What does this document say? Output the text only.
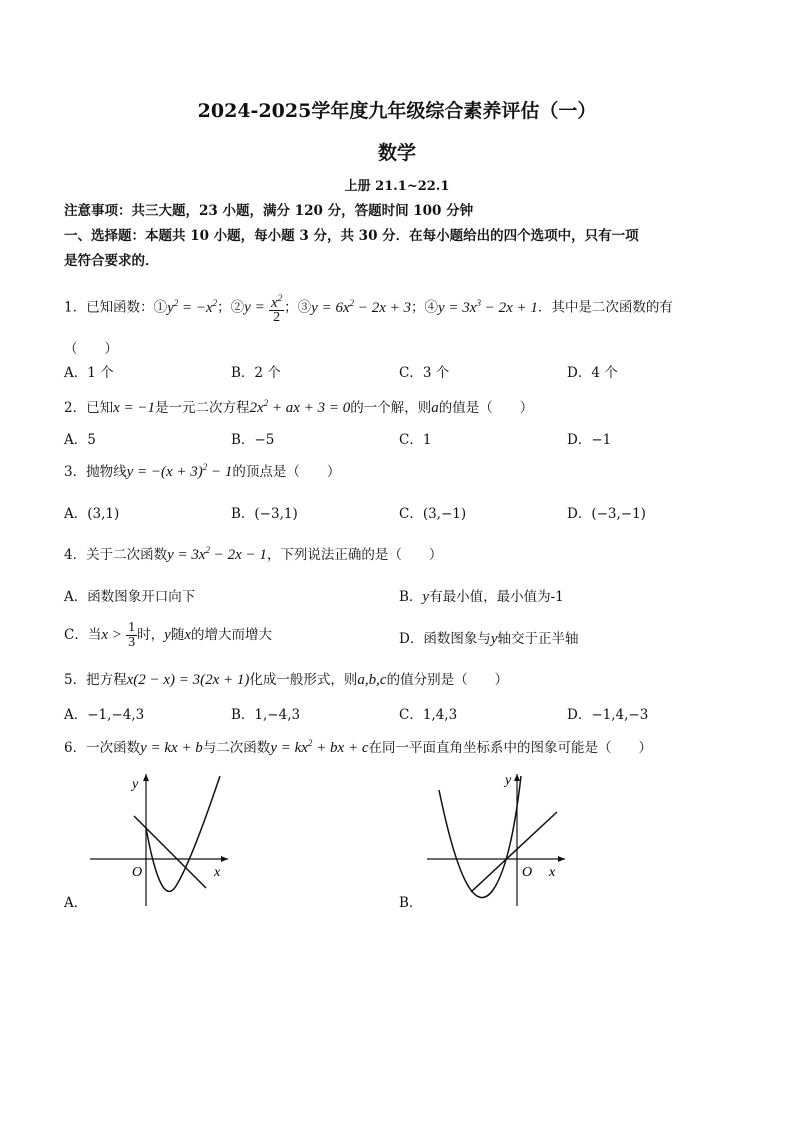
2024-2025学年度九年级综合素养评估（一）
数学
上册 21.1~22.1
注意事项：共三大题，23 小题，满分 120 分，答题时间 100 分钟
一、选择题：本题共 10 小题，每小题 3 分，共 30 分．在每小题给出的四个选项中，只有一项
是符合要求的．
1．已知函数：$①y^2 = -x^2$；②y = $\frac{x^2}{2}$ ；③y = $6x^2 - 2x + 3$；④y = $3x^3 - 2x + 1$．其中是二次函数的有
（　　）
A．1 个	B．2 个	C．3 个	D．4 个
2．已知x = −1是一元二次方程$2x^2$ + ax + 3 = 0的一个解，则a的值是（　　）
A．5	B．−5	C．1	D．−1
3．抛物线$y = -(x + 3)^2 - 1$的顶点是（　　）
A．(3,1)	B．(−3,1)	C．(3,−1)	D．(−3,−1)
4．关于二次函数$y = 3x^2 - 2x - 1$，下列说法正确的是（　　）
A．函数图象开口向下	B．y有最小值，最小值为-1
C．当$x > \frac{1}{3}$ 时，y随x的增大而增大	D．函数图象与y轴交于正半轴
5．把方程x(2 − x) = 3(2x + 1)化成一般形式，则a,b,c的值分别是（　　）
A．−1,−4,3	B．1,−4,3	C．1,4,3	D．−1,4,−3
6．一次函数y = kx + b与二次函数$y = kx^2$ + bx + c在同一平面直角坐标系中的图象可能是（　　）
y
x
O
A．
y
x
O
B．
